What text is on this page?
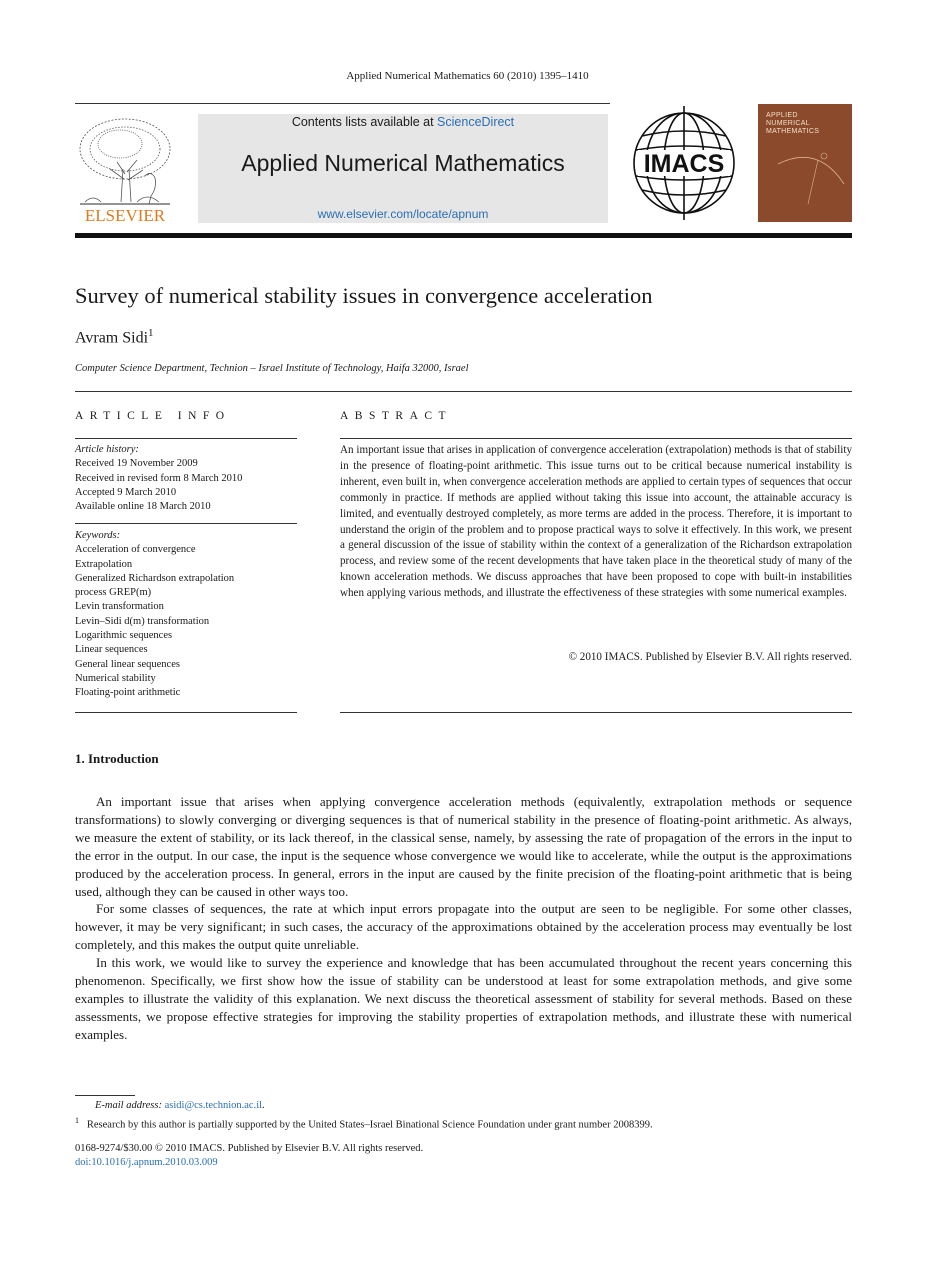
Applied Numerical Mathematics 60 (2010) 1395–1410
ELSEVIER
Contents lists available at ScienceDirect
Applied Numerical Mathematics
www.elsevier.com/locate/apnum
IMACS
APPLIED
NUMERICAL
MATHEMATICS
Survey of numerical stability issues in convergence acceleration
Avram Sidi$^1$
Computer Science Department, Technion – Israel Institute of Technology, Haifa 32000, Israel
ARTICLE INFO	ABSTRACT
Article history:
Received 19 November 2009
Received in revised form 8 March 2010
Accepted 9 March 2010
Available online 18 March 2010
Keywords:
Acceleration of convergence
Extrapolation
Generalized Richardson extrapolation
process GREP(m)
Levin transformation
Levin–Sidi d(m) transformation
Logarithmic sequences
Linear sequences
General linear sequences
Numerical stability
Floating-point arithmetic
An important issue that arises in application of convergence acceleration (extrapolation) methods is that of stability in the presence of floating-point arithmetic. This issue turns out to be critical because numerical instability is inherent, even built in, when convergence acceleration methods are applied to certain types of sequences that occur commonly in practice. If methods are applied without taking this issue into account, the attainable accuracy is limited, and eventually destroyed completely, as more terms are added in the process. Therefore, it is important to understand the origin of the problem and to propose practical ways to solve it effectively. In this work, we present a general discussion of the issue of stability within the context of a generalization of the Richardson extrapolation process, and review some of the recent developments that have taken place in the theoretical study of many of the known acceleration methods. We discuss approaches that have been proposed to cope with built-in instabilities when applying various methods, and illustrate the effectiveness of these strategies with some numerical examples.
© 2010 IMACS. Published by Elsevier B.V. All rights reserved.
1. Introduction

An important issue that arises when applying convergence acceleration methods (equivalently, extrapolation methods or sequence transformations) to slowly converging or diverging sequences is that of numerical stability in the presence of floating-point arithmetic. As always, we measure the extent of stability, or its lack thereof, in the classical sense, namely, by assessing the rate of propagation of the errors in the input to the error in the output. In our case, the input is the sequence whose convergence we would like to accelerate, while the output is the approximations produced by the acceleration process. In general, errors in the input are caused by the finite precision of the floating-point arithmetic that is being used, although they can be caused in other ways too.

For some classes of sequences, the rate at which input errors propagate into the output are seen to be negligible. For some other classes, however, it may be very significant; in such cases, the accuracy of the approximations obtained by the acceleration process may eventually be lost completely, and this makes the output quite unreliable.

In this work, we would like to survey the experience and knowledge that has been accumulated throughout the recent years concerning this phenomenon. Specifically, we first show how the issue of stability can be understood at least for some extrapolation methods, and give some examples to illustrate the validity of this explanation. We next discuss the theoretical assessment of stability for several methods. Based on these assessments, we propose effective strategies for improving the stability properties of extrapolation methods, and illustrate these with numerical examples.

E-mail address: asidi@cs.technion.ac.il.
$^1$ Research by this author is partially supported by the United States–Israel Binational Science Foundation under grant number 2008399.
0168-9274/$30.00 © 2010 IMACS. Published by Elsevier B.V. All rights reserved.
doi:10.1016/j.apnum.2010.03.009
